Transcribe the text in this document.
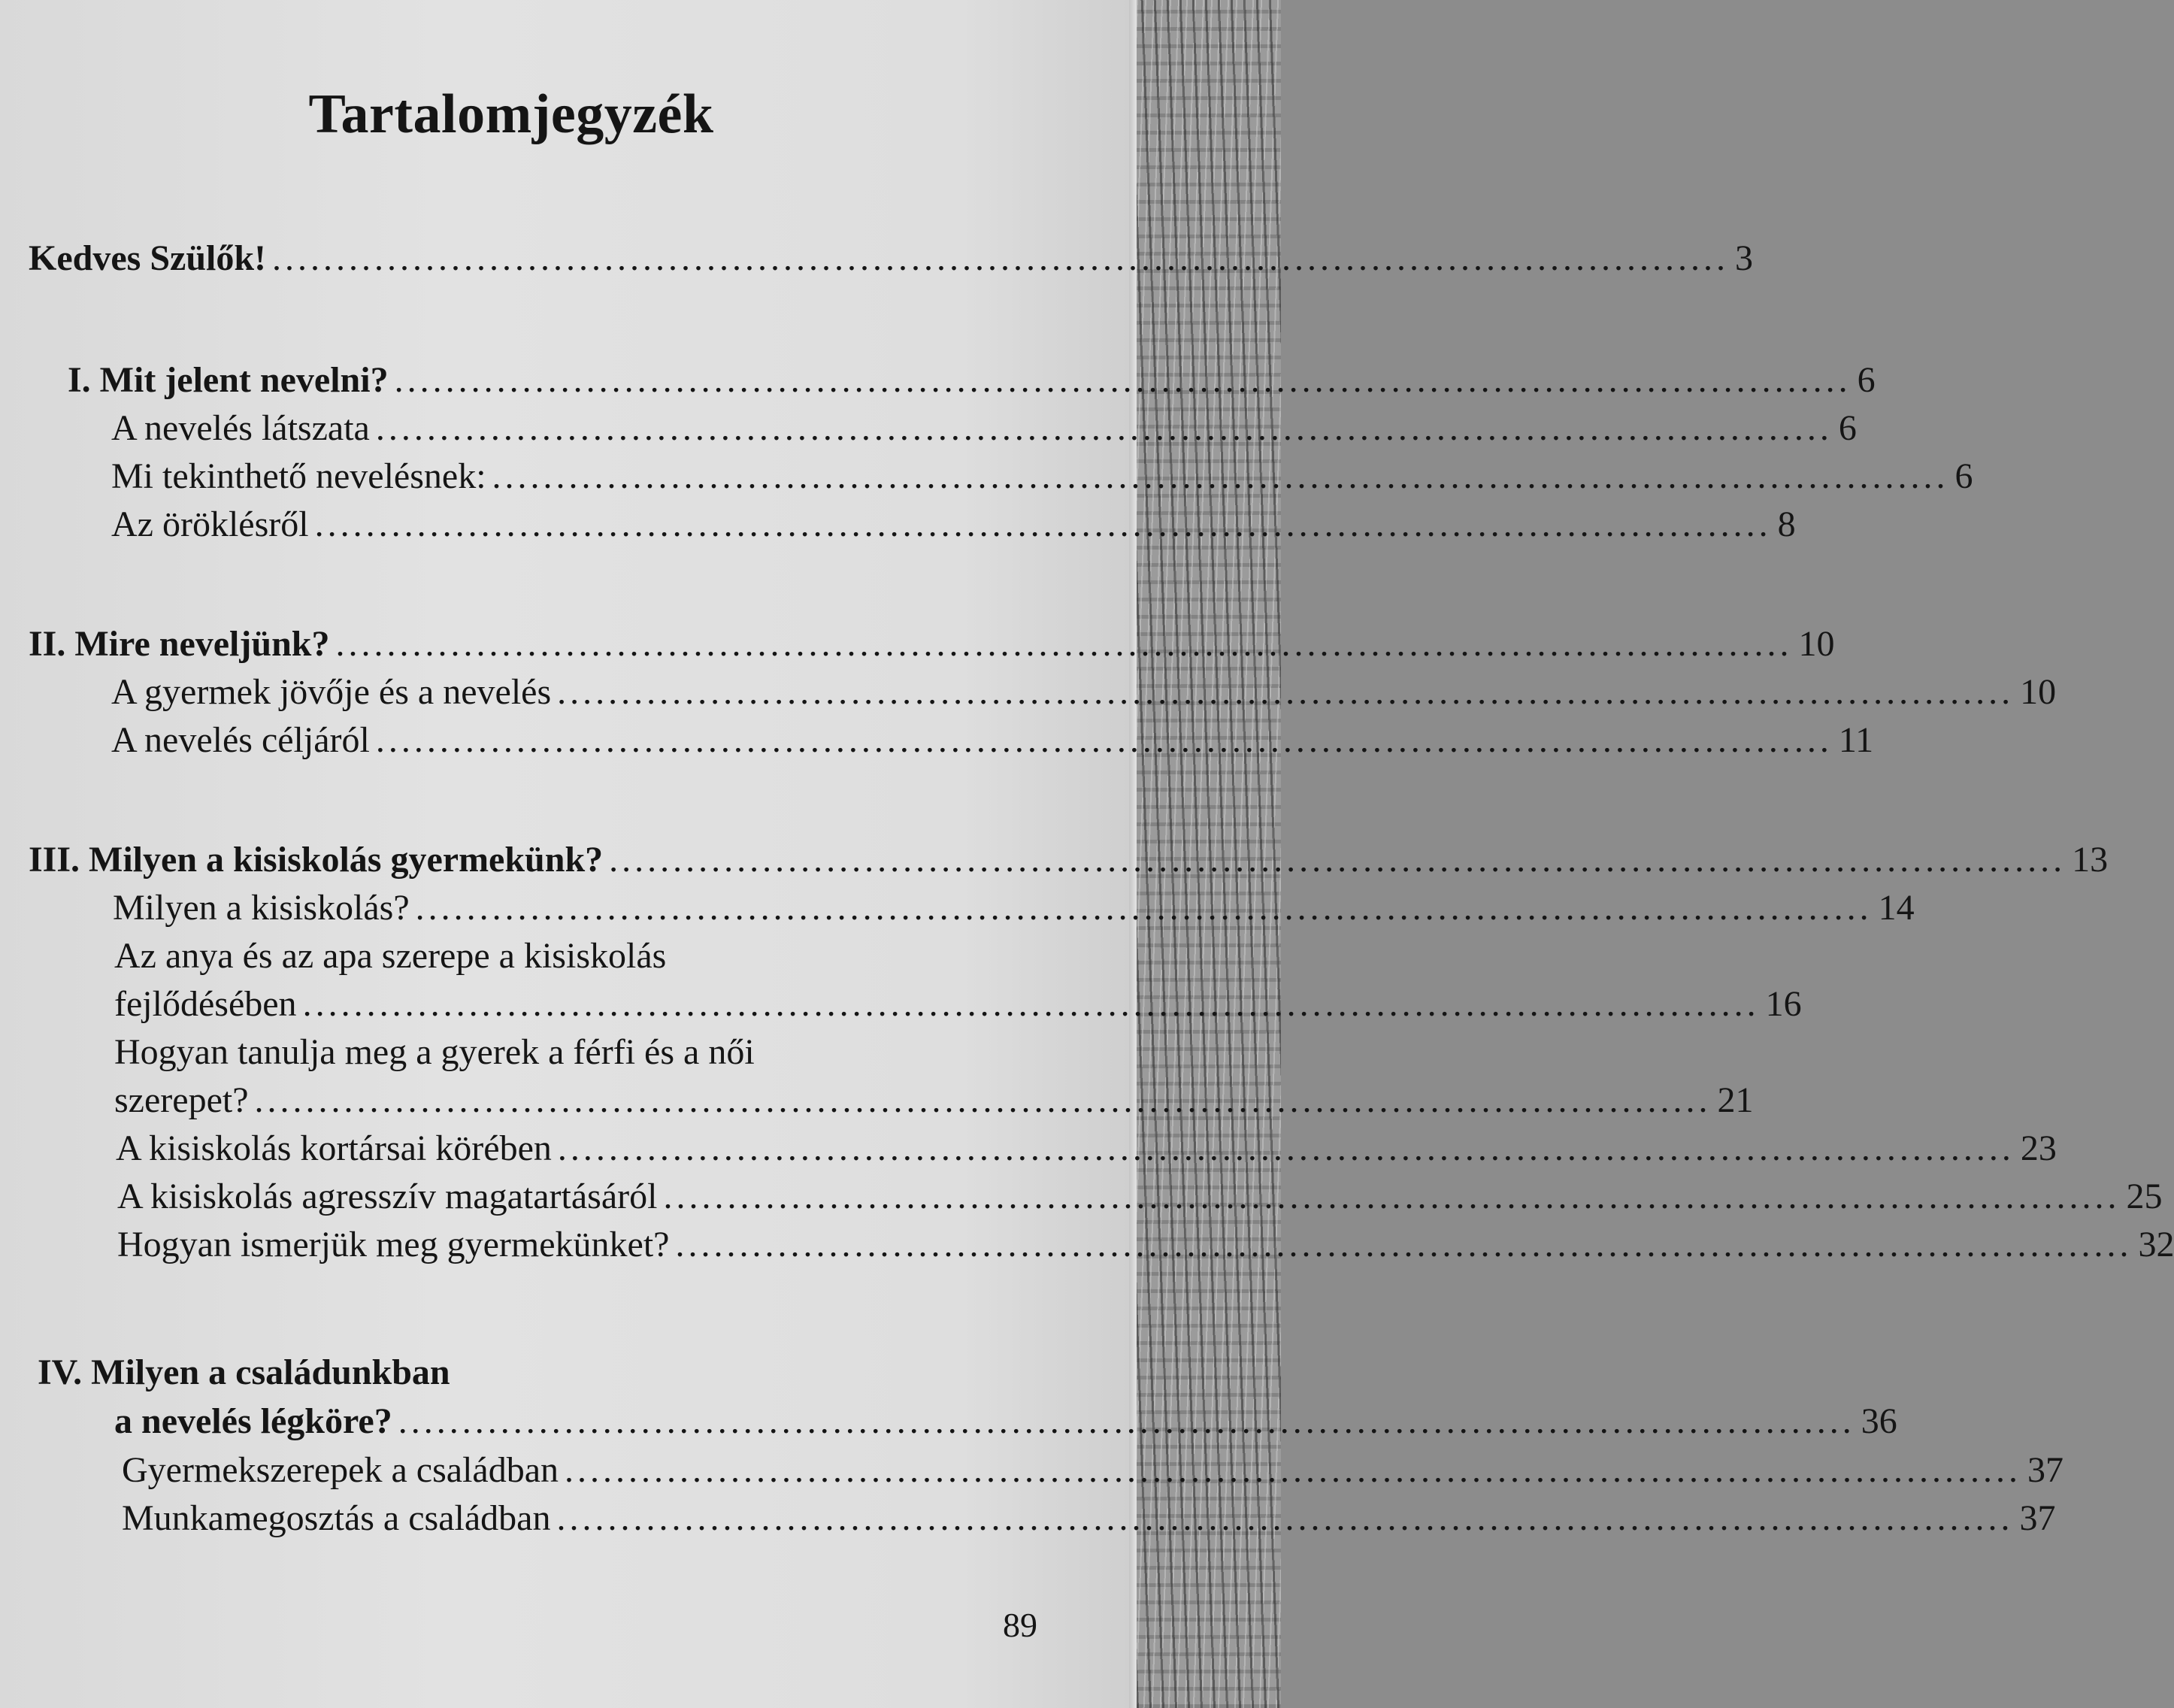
Tartalomjegyzék
Kedves Szülők! .................................................................................................................. 3
I. Mit jelent nevelni? .................................................................................................................. 6
A nevelés látszata .................................................................................................................. 6
Mi tekinthető nevelésnek: .................................................................................................................. 6
Az öröklésről .................................................................................................................. 8
II. Mire neveljünk? .................................................................................................................. 10
A gyermek jövője és a nevelés .................................................................................................................. 10
A nevelés céljáról .................................................................................................................. 11
III. Milyen a kisiskolás gyermekünk? .................................................................................................................. 13
Milyen a kisiskolás? .................................................................................................................. 14
Az anya és az apa szerepe a kisiskolás
fejlődésében .................................................................................................................. 16
Hogyan tanulja meg a gyerek a férfi és a női
szerepet? .................................................................................................................. 21
A kisiskolás kortársai körében .................................................................................................................. 23
A kisiskolás agresszív magatartásáról .................................................................................................................. 25
Hogyan ismerjük meg gyermekünket? .................................................................................................................. 32
IV. Milyen a családunkban
a nevelés légköre? .................................................................................................................. 36
Gyermekszerepek a családban .................................................................................................................. 37
Munkamegosztás a családban .................................................................................................................. 37
89
